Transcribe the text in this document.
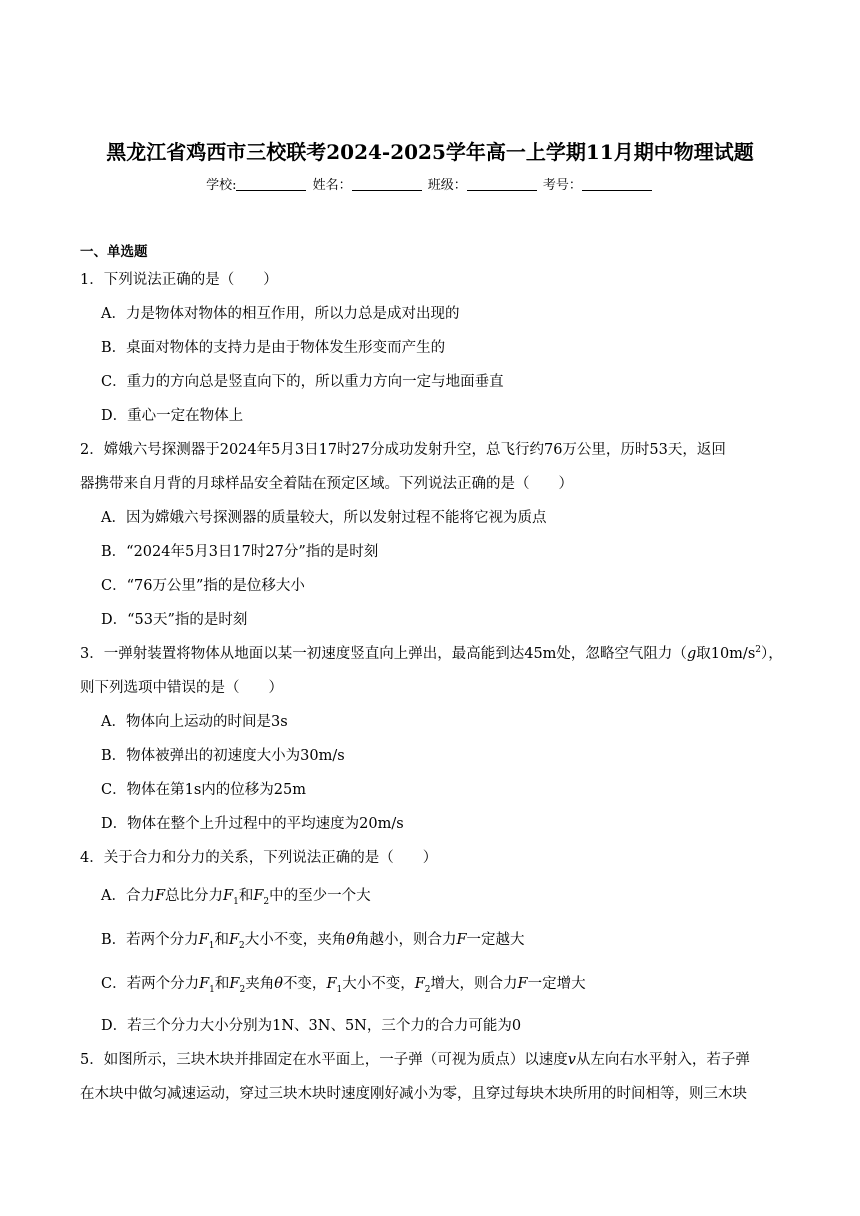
黑龙江省鸡西市三校联考2024-2025学年高一上学期11月期中物理试题
学校:	姓名：	班级：	考号：
一、单选题
1．下列说法正确的是（　　）
A．力是物体对物体的相互作用，所以力总是成对出现的
B．桌面对物体的支持力是由于物体发生形变而产生的
C．重力的方向总是竖直向下的，所以重力方向一定与地面垂直
D．重心一定在物体上
2．嫦娥六号探测器于2024年5月3日17时27分成功发射升空，总飞行约76万公里，历时53天，返回
器携带来自月背的月球样品安全着陆在预定区域。下列说法正确的是（　　）
A．因为嫦娥六号探测器的质量较大，所以发射过程不能将它视为质点
B．“2024年5月3日17时27分”指的是时刻
C．“76万公里”指的是位移大小
D．“53天”指的是时刻
3．一弹射装置将物体从地面以某一初速度竖直向上弹出，最高能到达45m处，忽略空气阻力（g取$10m/s^2$），
则下列选项中错误的是（　　）
A．物体向上运动的时间是3s
B．物体被弹出的初速度大小为30m/s
C．物体在第1s内的位移为25m
D．物体在整个上升过程中的平均速度为20m/s
4．关于合力和分力的关系，下列说法正确的是（　　）
A．合力F总比分力$F_1$和$F_2$中的至少一个大
B．若两个分力$F_1$和$F_2$大小不变，夹角θ角越小，则合力F一定越大
C．若两个分力$F_1$和$F_2$夹角θ不变，$F_1$大小不变，$F_2$增大，则合力F一定增大
D．若三个分力大小分别为1N、3N、5N，三个力的合力可能为0
5．如图所示，三块木块并排固定在水平面上，一子弹（可视为质点）以速度v从左向右水平射入，若子弹
在木块中做匀减速运动，穿过三块木块时速度刚好减小为零，且穿过每块木块所用的时间相等，则三木块
